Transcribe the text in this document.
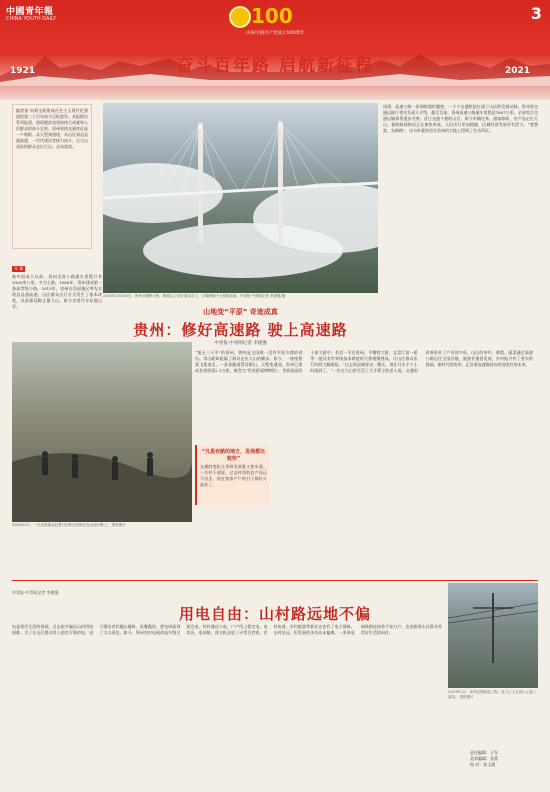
中國青年報
CHINA YOUTH DAILY	100
庆祝中国共产党成立100周年
1921	2021
3
奋斗百年路 启航新征程
编者按 向着全面建成社会主义现代化强国的第二个百年奋斗目标进军。本报推出系列报道，展现脱贫攻坚的伟大成就和人民群众的奋斗足迹。贵州省的交通变化是一个缩影。从天堑到通途，从山区到县县通高速，一代代建设者接力奋斗，让大山深处的群众走出大山、走向富裕。
2019年10月30日，贵州平塘特大桥。路面以上部分基本完工，云雾缭绕中大桥如仙境。中青报·中青网记者 李建强/摄
国道、高速公路一张网络越织越密，一个个交通枢纽打通了山区的发展动脉。贵州省交通运输厅相关负责人介绍，截至目前，贵州高速公路通车里程达7607公里，全省综合交通运输体系逐步完善。昔日交通不便的山区，如今车辆往来、游客如织，农产品走出大山。新的路网格局正在加快形成，人们出行更加便捷，区域经济发展更有活力。“要想富，先修路”，这句朴素的话在贵州的大地上得到了生动印证。
开 篇
新中国成立以前，贵州全省公路通车里程只有3900余公里，多为土路。1986年，贵州建成第一条高等级公路。2015年，贵州在西部地区率先实现县县通高速。山区群众出行方式发生了根本改变，从前靠双脚丈量大山，如今坐着汽车穿越山谷。
山地变“平原” 奇迹成真
贵州：修好高速路 驶上高速路
中青报·中青网记者 李建强
1985年3月，一位苗族群众赶着马匹驮运货物走在山间小路上。 资料图片
“地无三尺平”的贵州，曾经是全国唯一没有平原支撑的省份。崇山峻岭阻隔了群众走出大山的脚步。如今，一座座桥梁飞架南北，一条条隧道贯穿群山，天堑变通途。贵州已建成各类桥梁2.1万座，被誉为“世界桥梁博物馆”。世界最高的十座大桥中，有近一半在贵州。平塘特大桥、北盘江第一桥等一批具有世界级技术难度的大桥相继建成，让山区群众出行时间大幅缩短。“过去到县城要走一整天，现在开车半个小时就到了。”一位在大山里生活了大半辈子的老人说。交通的改善带来了产业的兴旺。山区的茶叶、刺梨、蔬菜通过高速公路运往全国各地，旅游业蓬勃发展，乡村振兴有了坚实的基础。新时代的贵州，正沿着高速路驶向更加美好的未来。
“凡是有路的地方，发展都比较快”
交通的变化让贵州发展驶入快车道。一位村干部说，过去村里的农产品运不出去，现在家家户户的日子都红火起来了。
中青报·中青网记者 李建强
用电自由：山村路远地不偏
电是现代生活的基础，过去很多偏远山村用电困难。为了让山区群众用上稳定可靠的电，电力建设者们翻山越岭、风餐露宿，把电网架到了大山深处。如今，贵州农村电网改造升级全面完成，村村通动力电，户户用上稳定电。电炊具、电冰箱、洗衣机走进了寻常百姓家，农村电商、乡村旅游等新业态也有了电力保障。山村虽远，但发展的步伐从未偏离。一条条电网线路连接着千家万户，也连接着山区群众对美好生活的向往。
2019年2月，贵州农网改造工程，电力工人在高山上施工架线。 资料图片
责任编辑：王军
美术编辑：张蕾
校 对：张玉霞
